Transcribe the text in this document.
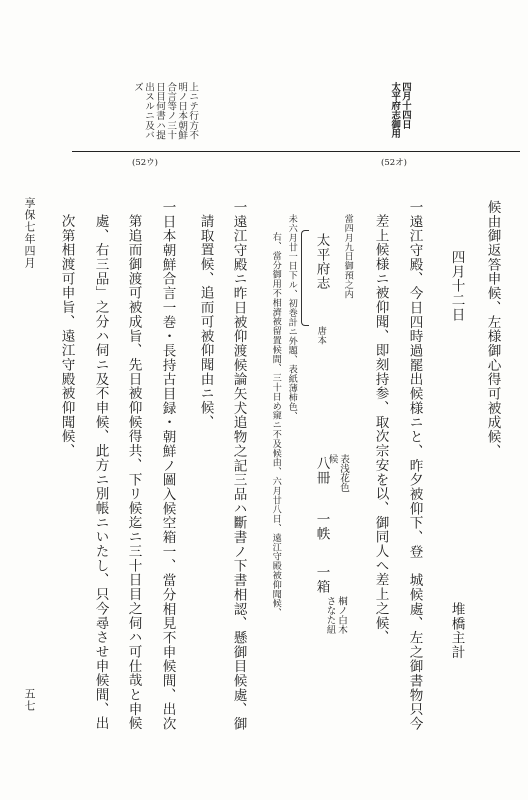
四月十四日
太平府志御用
上ニテ行方不
明ノ日本朝鮮
合言等ノ三十
日目何書ハ提
出スルニ及バ
ズ
(52オ)
(52ウ)
候由御返答申候、左様御心得可被成候、
四月十二日
堆橋主計
一遠江守殿、今日四時過罷出候様ニと、昨夕被仰下、登　城候處、左之御書物只今
差上候様ニ被仰聞、即刻持参、取次宗安を以、御同人へ差上之候、
當四月九日御預之内
太平府志
唐本
八冊
一帙
表浅花色
候
一箱
桐ノ白木
さなた紐
右、當分御用不相濟被留置候間、三十日め窺ニ不及候由、六月廿八日、遠江守殿被仰聞候、 未六月廿一日下ル、初巻計ニ外題、表紙薄柿色、
一遠江守殿ニ昨日被仰渡候論矢犬追物之記三品ハ斷書ノ下書相認、懸御目候處、御
請取置候、追而可被仰聞由ニ候、
一日本朝鮮合言一巻・長持古目録・朝鮮ノ圖入候空箱一、當分相見不申候間、出次
第追而御渡可被成旨、先日被仰候得共、下リ候迄ニ三十日目之伺ハ可仕哉と申候
處、右三品」之分ハ伺ニ及不申候、此方ニ別帳ニいたし、只今尋させ申候間、出
次第相渡可申旨、遠江守殿被仰聞候、
享保七年四月
五七
